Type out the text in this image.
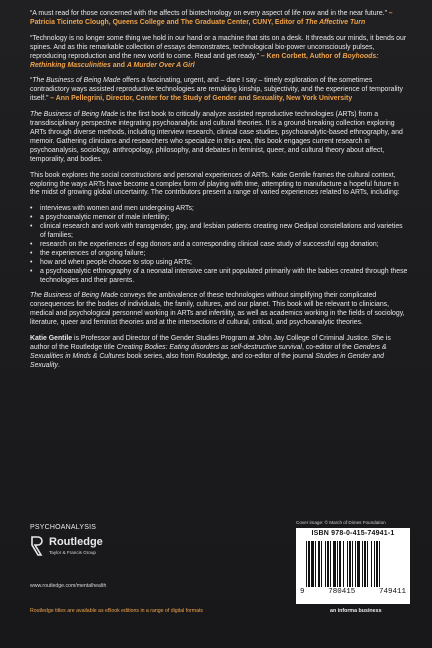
“A must read for those concerned with the affects of biotechnology on every aspect of life now and in the near future.” – Patricia Ticineto Clough, Queens College and The Graduate Center, CUNY, Editor of The Affective Turn

“Technology is no longer some thing we hold in our hand or a machine that sits on a desk. It threads our minds, it bends our spines. And as this remarkable collection of essays demonstrates, technological bio-power unconsciously pulses, reproducing reproduction and the new world to come. Read and get ready.” – Ken Corbett, Author of Boyhoods: Rethinking Masculinities and A Murder Over A Girl

“The Business of Being Made offers a fascinating, urgent, and – dare I say – timely exploration of the sometimes contradictory ways assisted reproductive technologies are remaking kinship, subjectivity, and the experience of temporality itself.” – Ann Pellegrini, Director, Center for the Study of Gender and Sexuality, New York University

The Business of Being Made is the first book to critically analyze assisted reproductive technologies (ARTs) from a transdisciplinary perspective integrating psychoanalytic and cultural theories. It is a ground-breaking collection exploring ARTs through diverse methods, including interview research, clinical case studies, psychoanalytic-based ethnography, and memoir. Gathering clinicians and researchers who specialize in this area, this book engages current research in psychoanalysis, sociology, anthropology, philosophy, and debates in feminist, queer, and cultural theory about affect, temporality, and bodies.

This book explores the social constructions and personal experiences of ARTs. Katie Gentile frames the cultural context, exploring the ways ARTs have become a complex form of playing with time, attempting to manufacture a hopeful future in the midst of growing global uncertainty. The contributors present a range of varied experiences related to ARTs, including:

• interviews with women and men undergoing ARTs;
• a psychoanalytic memoir of male infertility;
• clinical research and work with transgender, gay, and lesbian patients creating new Oedipal constellations and varieties of families;
• research on the experiences of egg donors and a corresponding clinical case study of successful egg donation;
• the experiences of ongoing failure;
• how and when people choose to stop using ARTs;
• a psychoanalytic ethnography of a neonatal intensive care unit populated primarily with the babies created through these technologies and their parents.

The Business of Being Made conveys the ambivalence of these technologies without simplifying their complicated consequences for the bodies of individuals, the family, cultures, and our planet. This book will be relevant to clinicians, medical and psychological personnel working in ARTs and infertility, as well as academics working in the fields of sociology, literature, queer and feminist theories and at the intersections of cultural, critical, and psychoanalytic theories.

Katie Gentile is Professor and Director of the Gender Studies Program at John Jay College of Criminal Justice. She is author of the Routledge title Creating Bodies: Eating disorders as self-destructive survival, co-editor of the Genders & Sexualities in Minds & Cultures book series, also from Routledge, and co-editor of the journal Studies in Gender and Sexuality.

PSYCHOANALYSIS
Cover image: © March of Dimes Foundation
Routledge
Taylor & Francis Group
www.routledge.com/mentalhealth
Routledge titles are available as eBook editions in a range of digital formats
ISBN 978-0-415-74941-1
9	780415	749411
an informa business
